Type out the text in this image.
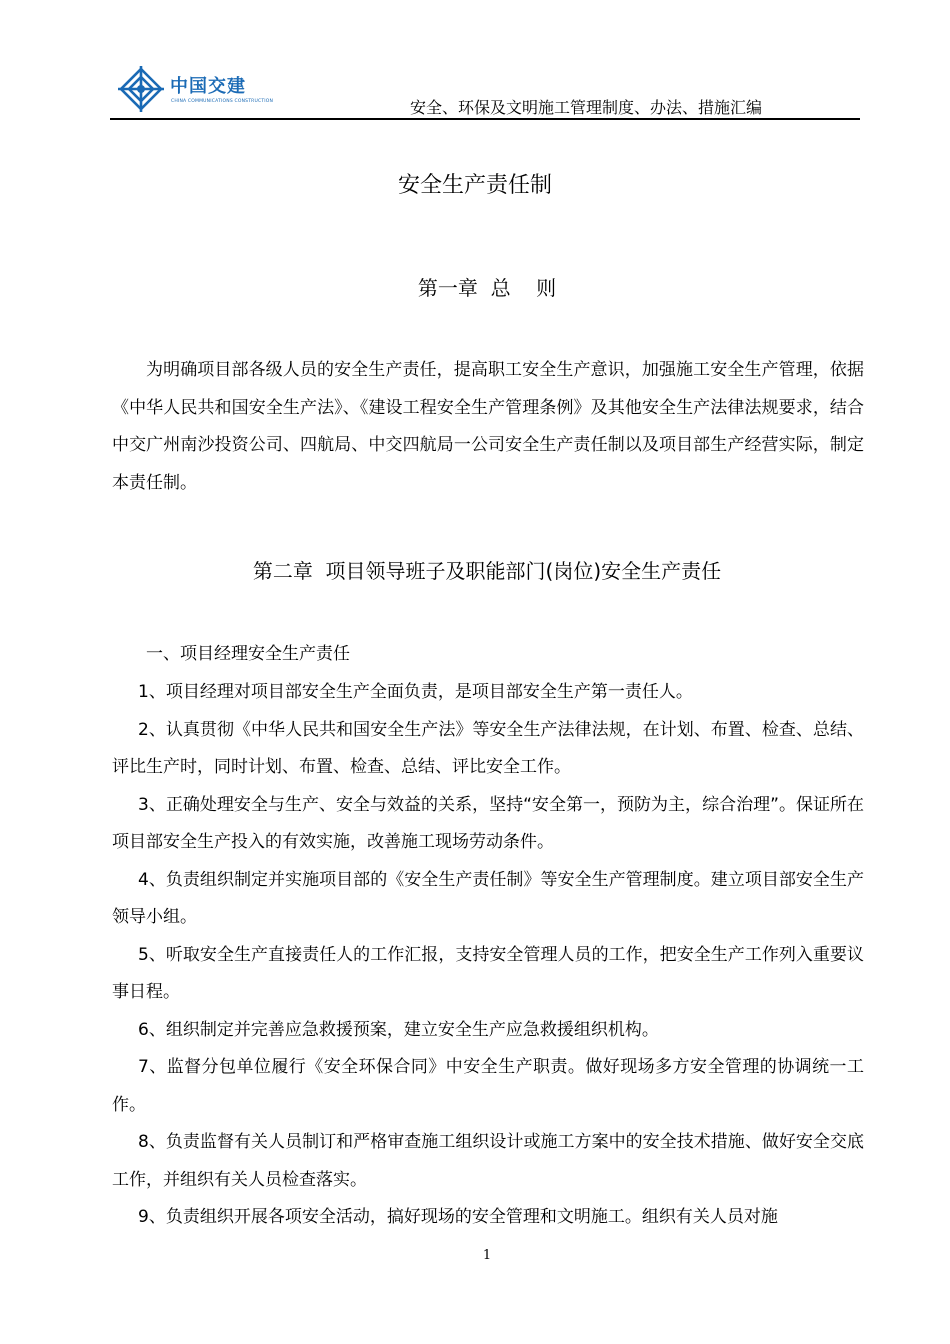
中国交建
CHINA COMMUNICATIONS CONSTRUCTION	安全、环保及文明施工管理制度、办法、措施汇编
安全生产责任制
第一章  总    则

为明确项目部各级人员的安全生产责任，提高职工安全生产意识，加强施工安全生产管理，依据《中华人民共和国安全生产法》、《建设工程安全生产管理条例》及其他安全生产法律法规要求，结合中交广州南沙投资公司、四航局、中交四航局一公司安全生产责任制以及项目部生产经营实际，制定本责任制。

第二章  项目领导班子及职能部门(岗位)安全生产责任
一、项目经理安全生产责任
1、项目经理对项目部安全生产全面负责，是项目部安全生产第一责任人。
2、认真贯彻《中华人民共和国安全生产法》等安全生产法律法规，在计划、布置、检查、总结、评比生产时，同时计划、布置、检查、总结、评比安全工作。
3、正确处理安全与生产、安全与效益的关系，坚持“安全第一，预防为主，综合治理”。保证所在项目部安全生产投入的有效实施，改善施工现场劳动条件。
4、负责组织制定并实施项目部的《安全生产责任制》等安全生产管理制度。建立项目部安全生产领导小组。
5、听取安全生产直接责任人的工作汇报，支持安全管理人员的工作，把安全生产工作列入重要议事日程。
6、组织制定并完善应急救援预案，建立安全生产应急救援组织机构。
7、监督分包单位履行《安全环保合同》中安全生产职责。做好现场多方安全管理的协调统一工作。
8、负责监督有关人员制订和严格审查施工组织设计或施工方案中的安全技术措施、做好安全交底工作，并组织有关人员检查落实。
9、负责组织开展各项安全活动，搞好现场的安全管理和文明施工。组织有关人员对施
1
